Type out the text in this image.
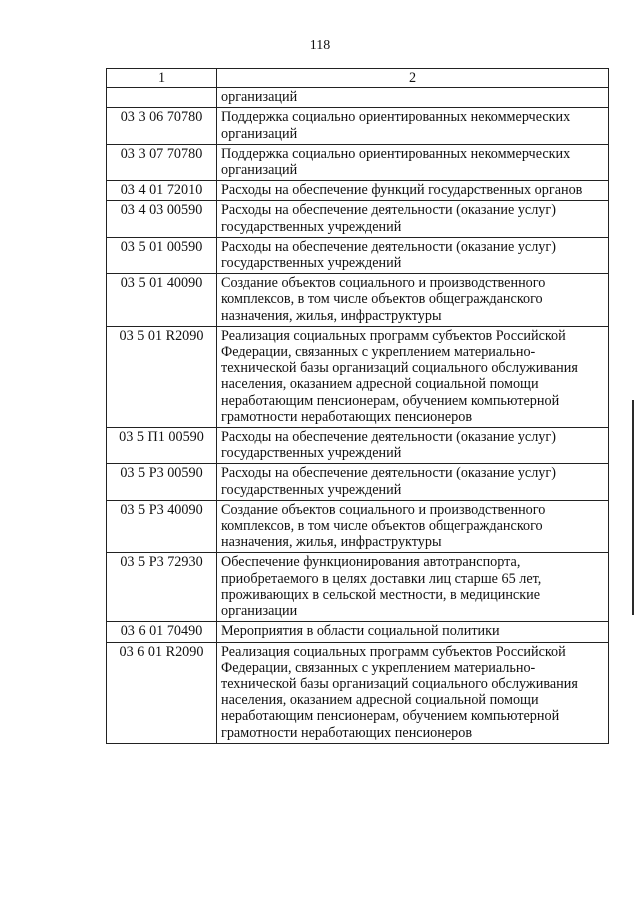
118
1	2
	организаций
03 3 06 70780	Поддержка социально ориентированных некоммерческих организаций
03 3 07 70780	Поддержка социально ориентированных некоммерческих организаций
03 4 01 72010	Расходы на обеспечение функций государственных органов
03 4 03 00590	Расходы на обеспечение деятельности (оказание услуг) государственных учреждений
03 5 01 00590	Расходы на обеспечение деятельности (оказание услуг) государственных учреждений
03 5 01 40090	Создание объектов социального и производственного комплексов, в том числе объектов общегражданского назначения, жилья, инфраструктуры
03 5 01 R2090	Реализация социальных программ субъектов Российской Федерации, связанных с укреплением материально-технической базы организаций социального обслуживания населения, оказанием адресной социальной помощи неработающим пенсионерам, обучением компьютерной грамотности неработающих пенсионеров
03 5 П1 00590	Расходы на обеспечение деятельности (оказание услуг) государственных учреждений
03 5 P3 00590	Расходы на обеспечение деятельности (оказание услуг) государственных учреждений
03 5 P3 40090	Создание объектов социального и производственного комплексов, в том числе объектов общегражданского назначения, жилья, инфраструктуры
03 5 P3 72930	Обеспечение функционирования автотранспорта, приобретаемого в целях доставки лиц старше 65 лет, проживающих в сельской местности, в медицинские организации
03 6 01 70490	Мероприятия в области социальной политики
03 6 01 R2090	Реализация социальных программ субъектов Российской Федерации, связанных с укреплением материально-технической базы организаций социального обслуживания населения, оказанием адресной социальной помощи неработающим пенсионерам, обучением компьютерной грамотности неработающих пенсионеров
